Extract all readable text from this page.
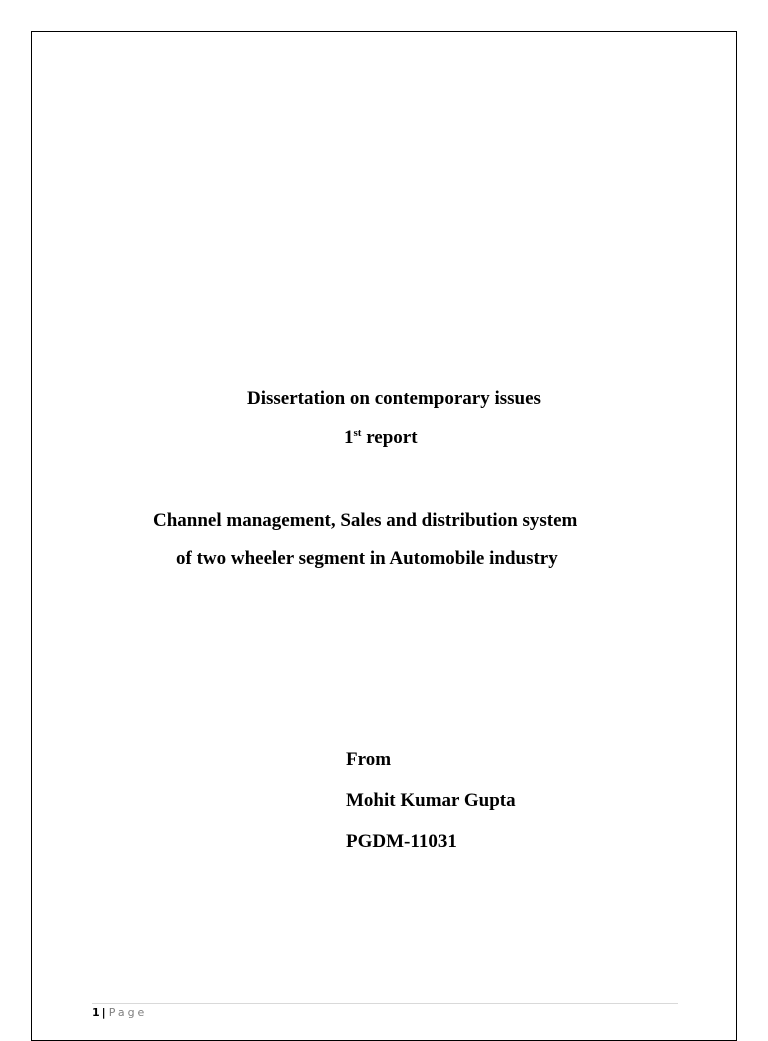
Dissertation on contemporary issues
1st report
Channel management, Sales and distribution system
of two wheeler segment in Automobile industry
From
Mohit Kumar Gupta
PGDM-11031
1 | Page
